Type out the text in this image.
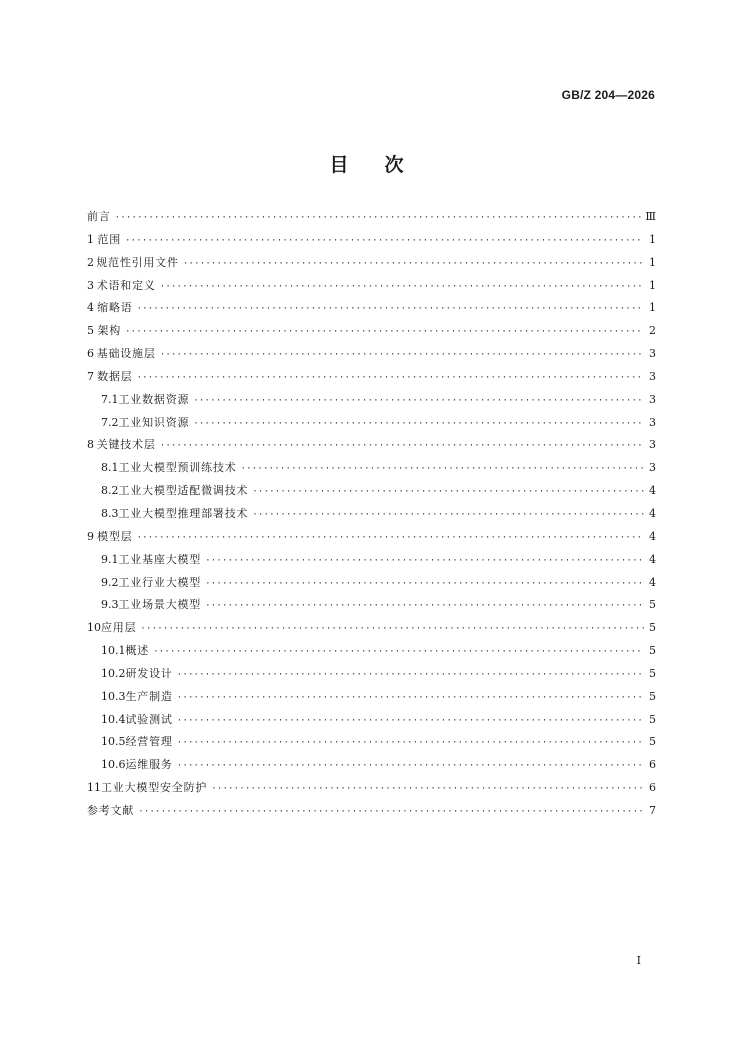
GB/Z 204—2026
目次
前言 ·····	Ⅲ
1 范围 ·····	1
2 规范性引用文件 ·····	1
3 术语和定义 ·····	1
4 缩略语 ·····	1
5 架构 ·····	2
6 基础设施层 ·····	3
7 数据层 ·····	3
7.1 工业数据资源 ·····	3
7.2 工业知识资源 ·····	3
8 关键技术层 ·····	3
8.1 工业大模型预训练技术 ·····	3
8.2 工业大模型适配微调技术 ·····	4
8.3 工业大模型推理部署技术 ·····	4
9 模型层 ·····	4
9.1 工业基座大模型 ·····	4
9.2 工业行业大模型 ·····	4
9.3 工业场景大模型 ·····	5
10 应用层 ·····	5
10.1 概述 ·····	5
10.2 研发设计 ·····	5
10.3 生产制造 ·····	5
10.4 试验测试 ·····	5
10.5 经营管理 ·····	5
10.6 运维服务 ·····	6
11 工业大模型安全防护 ·····	6
参考文献 ·····	7
I
